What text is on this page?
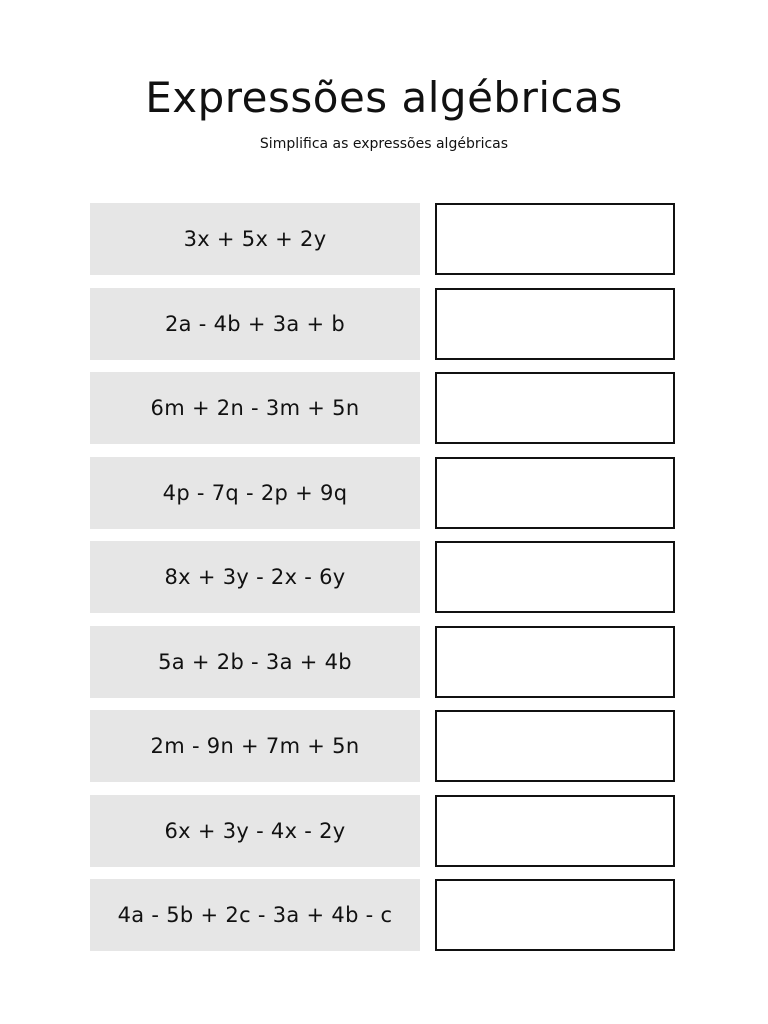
Expressões algébricas

Simplifica as expressões algébricas

3x + 5x + 2y
2a - 4b + 3a + b
6m + 2n - 3m + 5n
4p - 7q - 2p + 9q
8x + 3y - 2x - 6y
5a + 2b - 3a + 4b
2m - 9n + 7m + 5n
6x + 3y - 4x - 2y
4a - 5b + 2c - 3a + 4b - c
